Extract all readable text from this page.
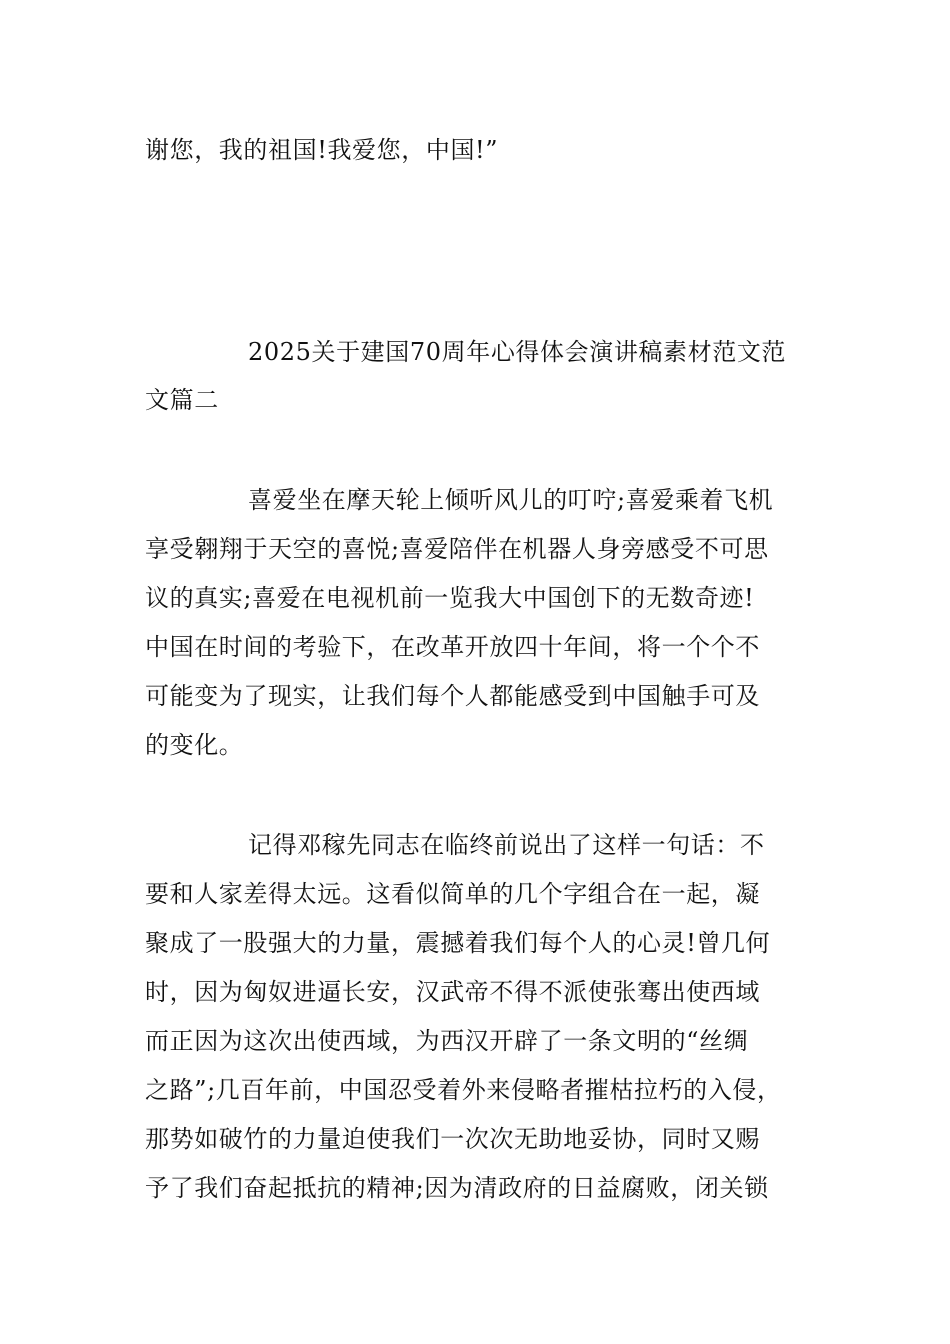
谢您，我的祖国!我爱您，中国!”
2025关于建国70周年心得体会演讲稿素材范文范
文篇二
喜爱坐在摩天轮上倾听风儿的叮咛;喜爱乘着飞机
享受翱翔于天空的喜悦;喜爱陪伴在机器人身旁感受不可思
议的真实;喜爱在电视机前一览我大中国创下的无数奇迹!
中国在时间的考验下，在改革开放四十年间，将一个个不
可能变为了现实，让我们每个人都能感受到中国触手可及
的变化。
记得邓稼先同志在临终前说出了这样一句话：不
要和人家差得太远。这看似简单的几个字组合在一起，凝
聚成了一股强大的力量，震撼着我们每个人的心灵!曾几何
时，因为匈奴进逼长安，汉武帝不得不派使张骞出使西域
而正因为这次出使西域，为西汉开辟了一条文明的“丝绸
之路”;几百年前，中国忍受着外来侵略者摧枯拉朽的入侵，
那势如破竹的力量迫使我们一次次无助地妥协，同时又赐
予了我们奋起抵抗的精神;因为清政府的日益腐败，闭关锁
